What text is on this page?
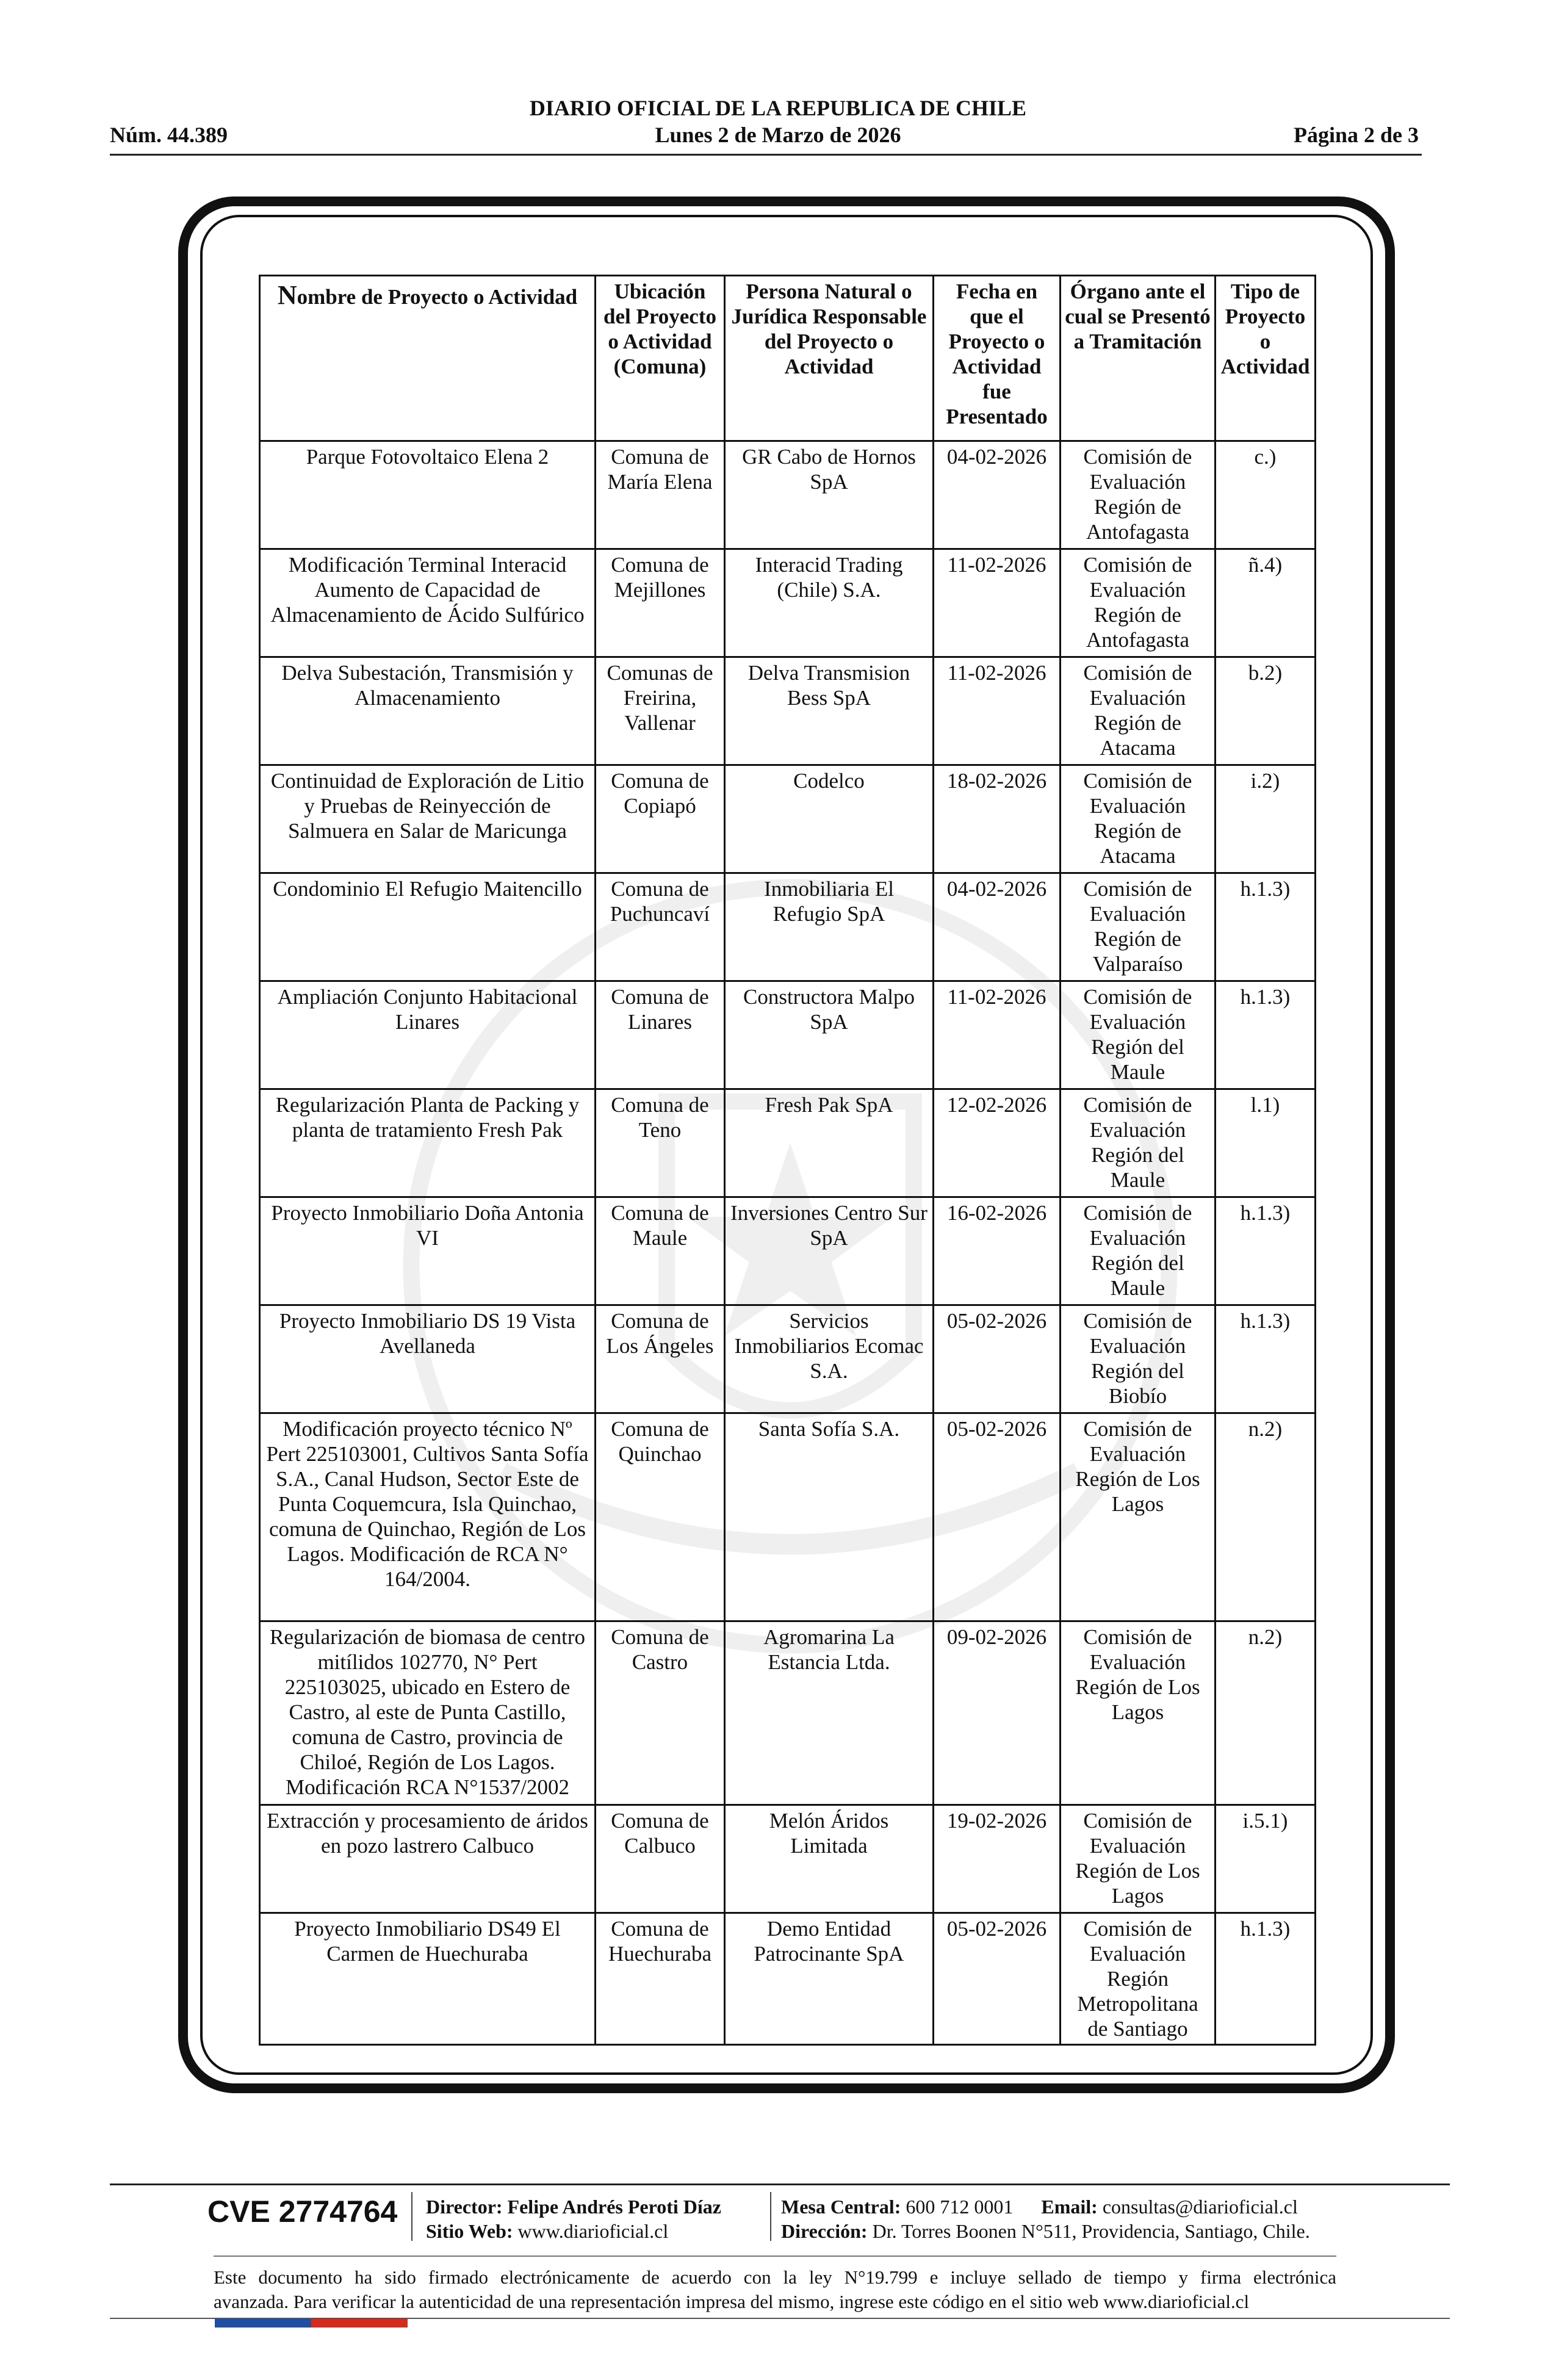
DIARIO OFICIAL DE LA REPUBLICA DE CHILE
Lunes 2 de Marzo de 2026
Núm. 44.389	Página 2 de 3
Nombre de Proyecto o Actividad	Ubicación del Proyecto o Actividad (Comuna)	Persona Natural o Jurídica Responsable del Proyecto o Actividad	Fecha en que el Proyecto o Actividad fue Presentado	Órgano ante el cual se Presentó a Tramitación	Tipo de Proyecto o Actividad
Parque Fotovoltaico Elena 2	Comuna de María Elena	GR Cabo de Hornos SpA	04-02-2026	Comisión de Evaluación Región de Antofagasta	c.)
Modificación Terminal Interacid Aumento de Capacidad de Almacenamiento de Ácido Sulfúrico	Comuna de Mejillones	Interacid Trading (Chile) S.A.	11-02-2026	Comisión de Evaluación Región de Antofagasta	ñ.4)
Delva Subestación, Transmisión y Almacenamiento	Comunas de Freirina, Vallenar	Delva Transmision Bess SpA	11-02-2026	Comisión de Evaluación Región de Atacama	b.2)
Continuidad de Exploración de Litio y Pruebas de Reinyección de Salmuera en Salar de Maricunga	Comuna de Copiapó	Codelco	18-02-2026	Comisión de Evaluación Región de Atacama	i.2)
Condominio El Refugio Maitencillo	Comuna de Puchuncaví	Inmobiliaria El Refugio SpA	04-02-2026	Comisión de Evaluación Región de Valparaíso	h.1.3)
Ampliación Conjunto Habitacional Linares	Comuna de Linares	Constructora Malpo SpA	11-02-2026	Comisión de Evaluación Región del Maule	h.1.3)
Regularización Planta de Packing y planta de tratamiento Fresh Pak	Comuna de Teno	Fresh Pak SpA	12-02-2026	Comisión de Evaluación Región del Maule	l.1)
Proyecto Inmobiliario Doña Antonia VI	Comuna de Maule	Inversiones Centro Sur SpA	16-02-2026	Comisión de Evaluación Región del Maule	h.1.3)
Proyecto Inmobiliario DS 19 Vista Avellaneda	Comuna de Los Ángeles	Servicios Inmobiliarios Ecomac S.A.	05-02-2026	Comisión de Evaluación Región del Biobío	h.1.3)
Modificación proyecto técnico Nº Pert 225103001, Cultivos Santa Sofía S.A., Canal Hudson, Sector Este de Punta Coquemcura, Isla Quinchao, comuna de Quinchao, Región de Los Lagos. Modificación de RCA N° 164/2004.	Comuna de Quinchao	Santa Sofía S.A.	05-02-2026	Comisión de Evaluación Región de Los Lagos	n.2)
Regularización de biomasa de centro mitílidos 102770, N° Pert 225103025, ubicado en Estero de Castro, al este de Punta Castillo, comuna de Castro, provincia de Chiloé, Región de Los Lagos. Modificación RCA N°1537/2002	Comuna de Castro	Agromarina La Estancia Ltda.	09-02-2026	Comisión de Evaluación Región de Los Lagos	n.2)
Extracción y procesamiento de áridos en pozo lastrero Calbuco	Comuna de Calbuco	Melón Áridos Limitada	19-02-2026	Comisión de Evaluación Región de Los Lagos	i.5.1)
Proyecto Inmobiliario DS49 El Carmen de Huechuraba	Comuna de Huechuraba	Demo Entidad Patrocinante SpA	05-02-2026	Comisión de Evaluación Región Metropolitana de Santiago	h.1.3)
CVE 2774764 Director: Felipe Andrés Peroti Díaz
Sitio Web: www.diarioficial.cl
Mesa Central: 600 712 0001 Email: consultas@diarioficial.cl
Dirección: Dr. Torres Boonen N°511, Providencia, Santiago, Chile.
Este documento ha sido firmado electrónicamente de acuerdo con la ley N°19.799 e incluye sellado de tiempo y firma electrónica
avanzada. Para verificar la autenticidad de una representación impresa del mismo, ingrese este código en el sitio web www.diarioficial.cl
